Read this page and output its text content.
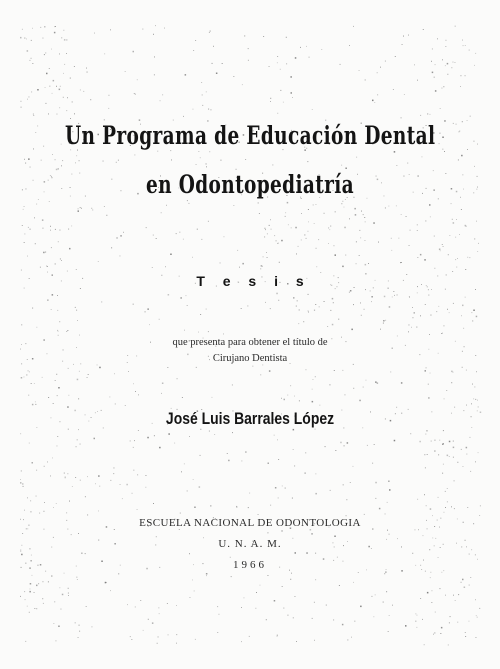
Un Programa de Educación Dental
en Odontopediatría
T e s i s
que presenta para obtener el título de
Cirujano Dentista
José Luis Barrales López
ESCUELA NACIONAL DE ODONTOLOGIA
U. N. A. M.
1966
